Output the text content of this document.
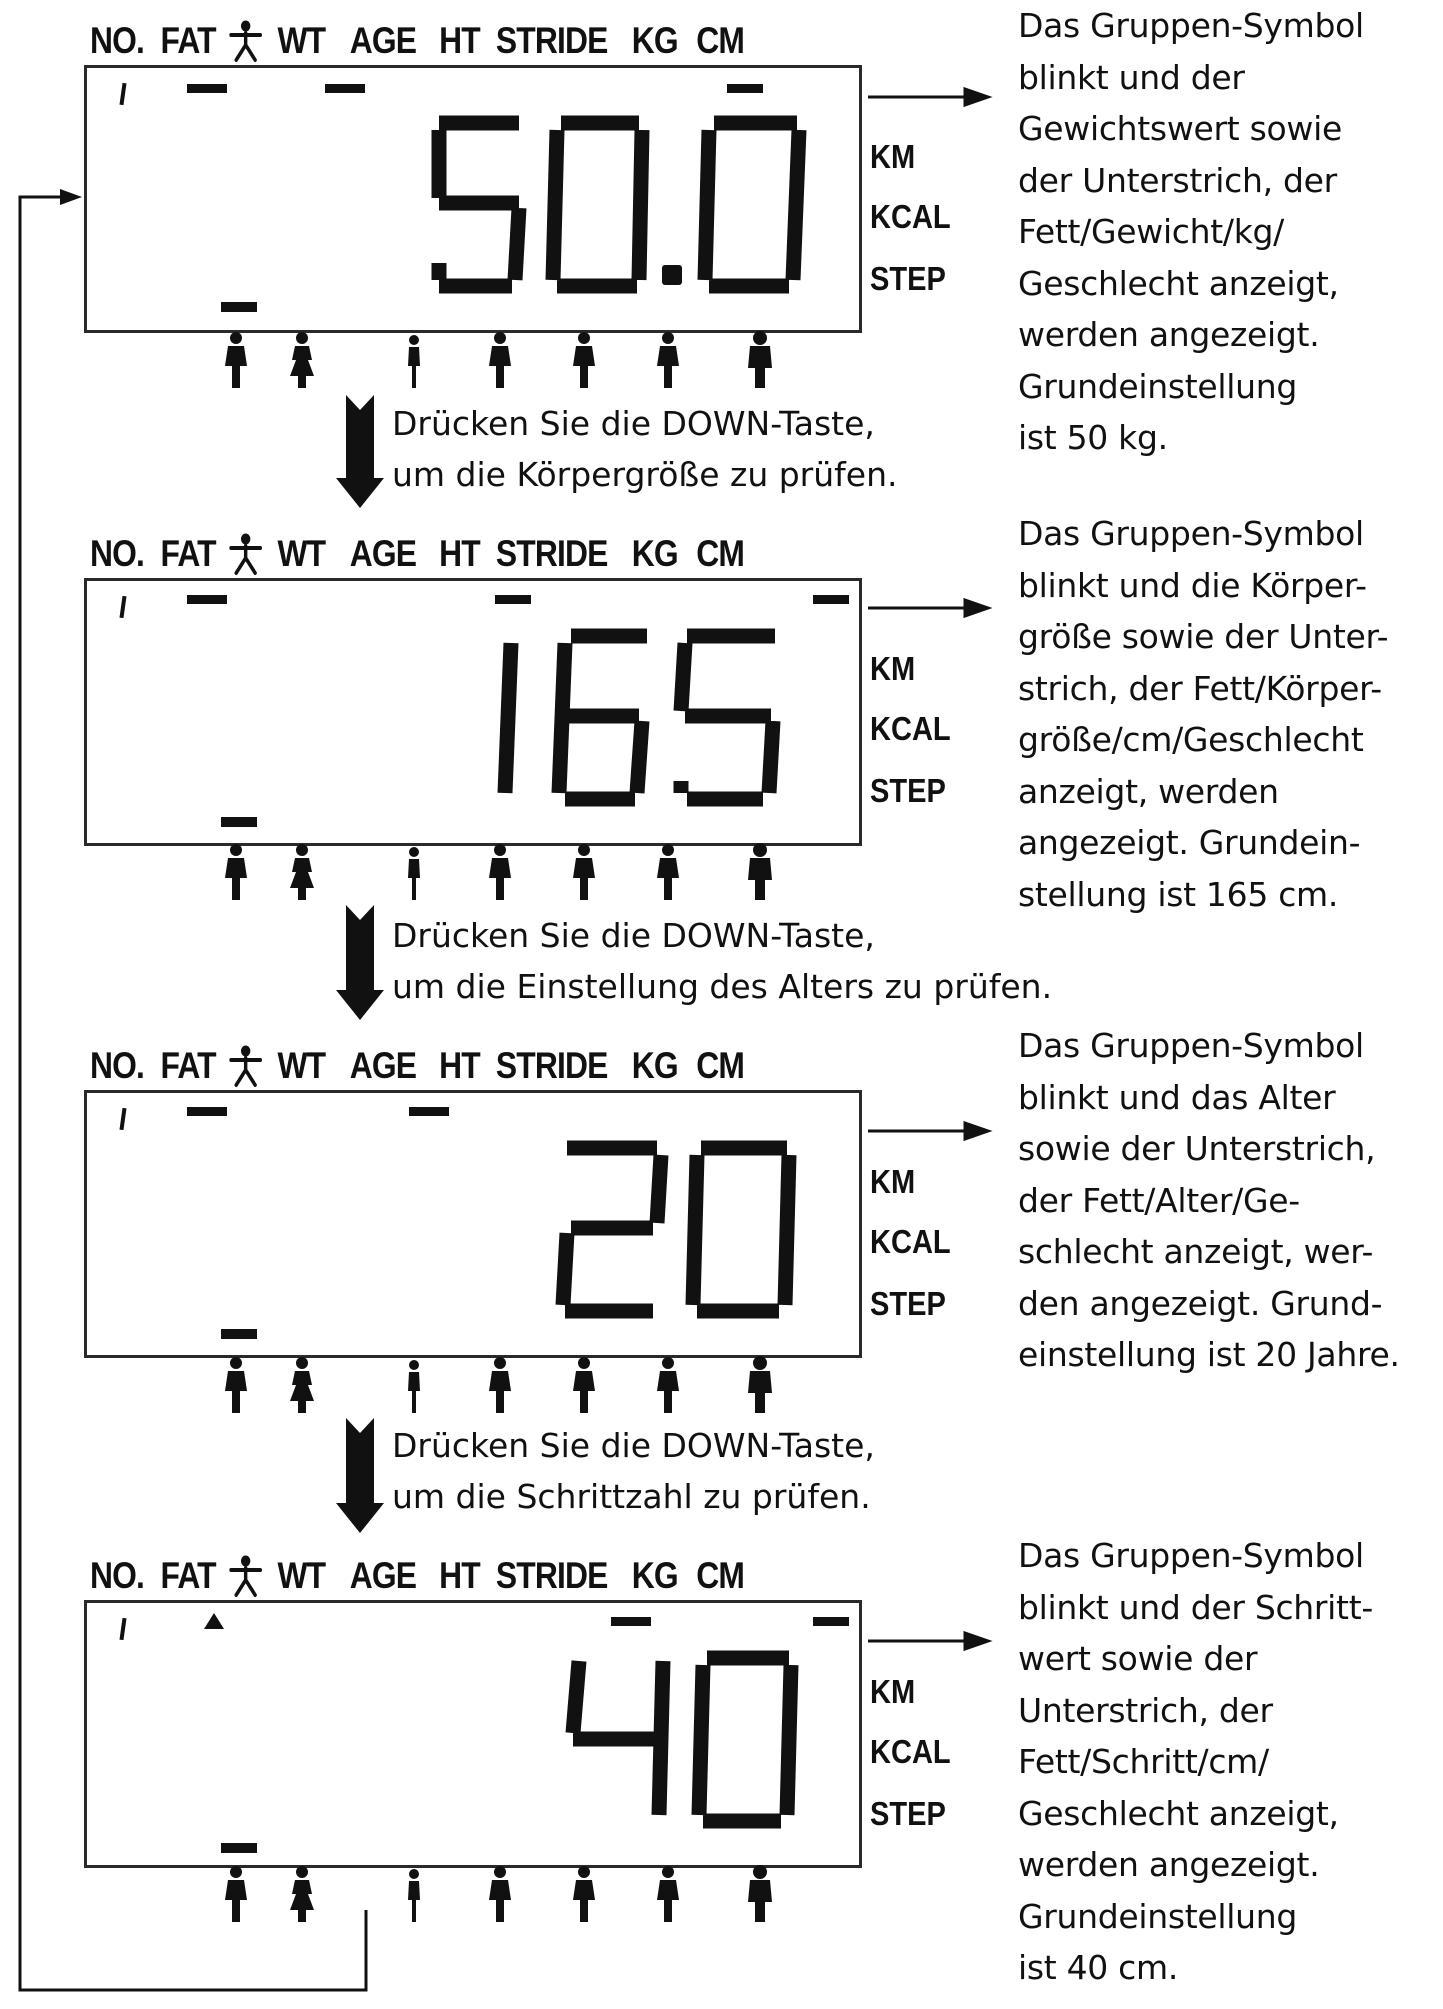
NO. FAT WT AGE HT STRIDE KG CM
KM
KCAL
STEP
Das Gruppen-Symbol
blinkt und der
Gewichtswert sowie
der Unterstrich, der
Fett/Gewicht/kg/
Geschlecht anzeigt,
werden angezeigt.
Grundeinstellung
ist 50 kg.
NO. FAT WT AGE HT STRIDE KG CM
KM
KCAL
STEP
Das Gruppen-Symbol
blinkt und die Körper-
größe sowie der Unter-
strich, der Fett/Körper-
größe/cm/Geschlecht
anzeigt, werden
angezeigt. Grundein-
stellung ist 165 cm.
NO. FAT WT AGE HT STRIDE KG CM
KM
KCAL
STEP
Das Gruppen-Symbol
blinkt und das Alter
sowie der Unterstrich,
der Fett/Alter/Ge-
schlecht anzeigt, wer-
den angezeigt. Grund-
einstellung ist 20 Jahre.
NO. FAT WT AGE HT STRIDE KG CM
KM
KCAL
STEP
Das Gruppen-Symbol
blinkt und der Schritt-
wert sowie der
Unterstrich, der
Fett/Schritt/cm/
Geschlecht anzeigt,
werden angezeigt.
Grundeinstellung
ist 40 cm.
Drücken Sie die DOWN-Taste,
um die Körpergröße zu prüfen.
Drücken Sie die DOWN-Taste,
um die Einstellung des Alters zu prüfen.
Drücken Sie die DOWN-Taste,
um die Schrittzahl zu prüfen.
